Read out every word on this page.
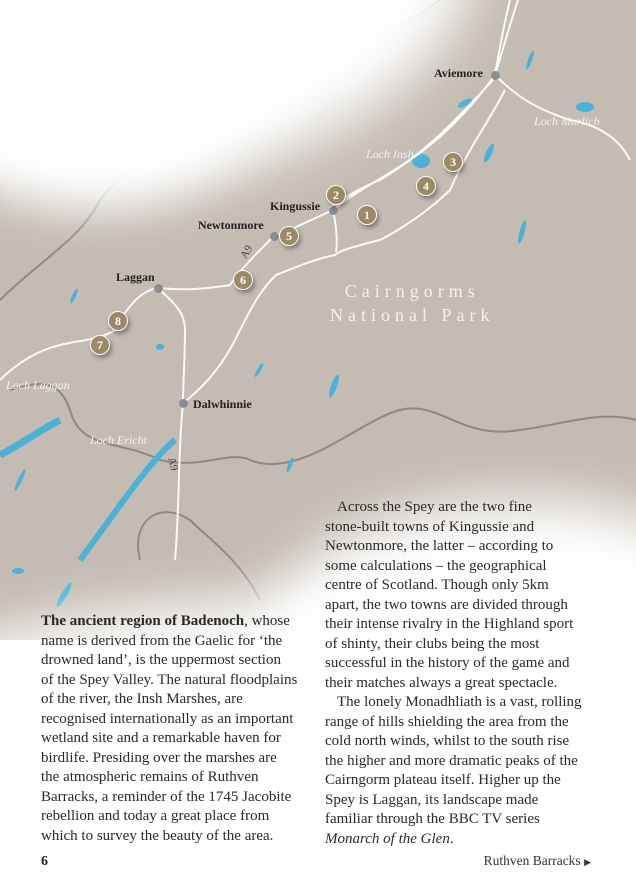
Aviemore
Kingussie
Newtonmore
Laggan
Dalwhinnie
Loch Morlich
Loch Insh
Loch Laggan
Loch Ericht
A9
A9
Cairngorms
National Park
1
2
3
4
5
6
7
8
The ancient region of Badenoch, whose
name is derived from the Gaelic for ‘the
drowned land’, is the uppermost section
of the Spey Valley. The natural floodplains
of the river, the Insh Marshes, are
recognised internationally as an important
wetland site and a remarkable haven for
birdlife. Presiding over the marshes are
the atmospheric remains of Ruthven
Barracks, a reminder of the 1745 Jacobite
rebellion and today a great place from
which to survey the beauty of the area.
Across the Spey are the two fine
stone-built towns of Kingussie and
Newtonmore, the latter – according to
some calculations – the geographical
centre of Scotland. Though only 5km
apart, the two towns are divided through
their intense rivalry in the Highland sport
of shinty, their clubs being the most
successful in the history of the game and
their matches always a great spectacle.
The lonely Monadhliath is a vast, rolling
range of hills shielding the area from the
cold north winds, whilst to the south rise
the higher and more dramatic peaks of the
Cairngorm plateau itself. Higher up the
Spey is Laggan, its landscape made
familiar through the BBC TV series
Monarch of the Glen.
6	Ruthven Barracks ▶
